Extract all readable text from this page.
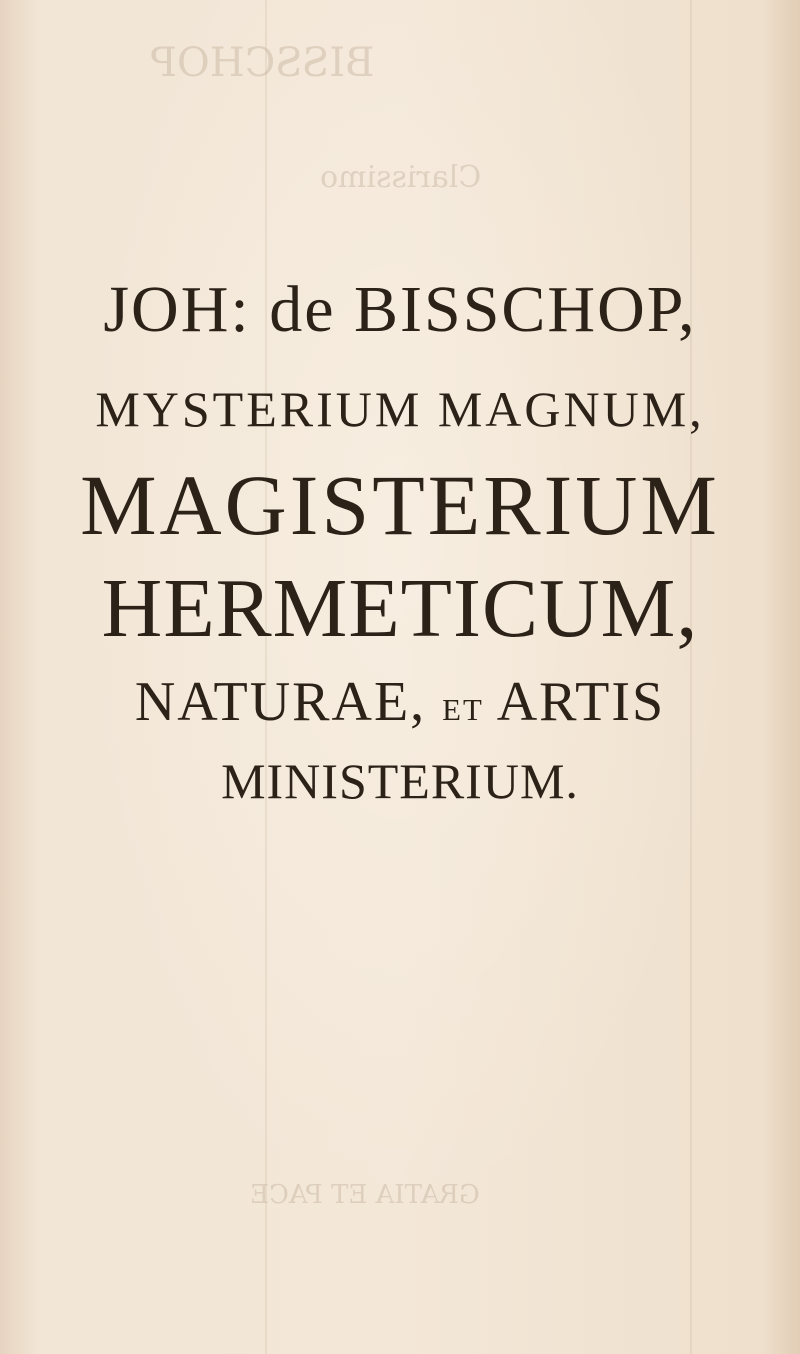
BISSCHOP
Clarissimo
GRATIA ET PACE
JOH: de BISSCHOP,
MYSTERIUM MAGNUM,
MAGISTERIUM
HERMETICUM,
NATURAE, ET ARTIS
MINISTERIUM.
